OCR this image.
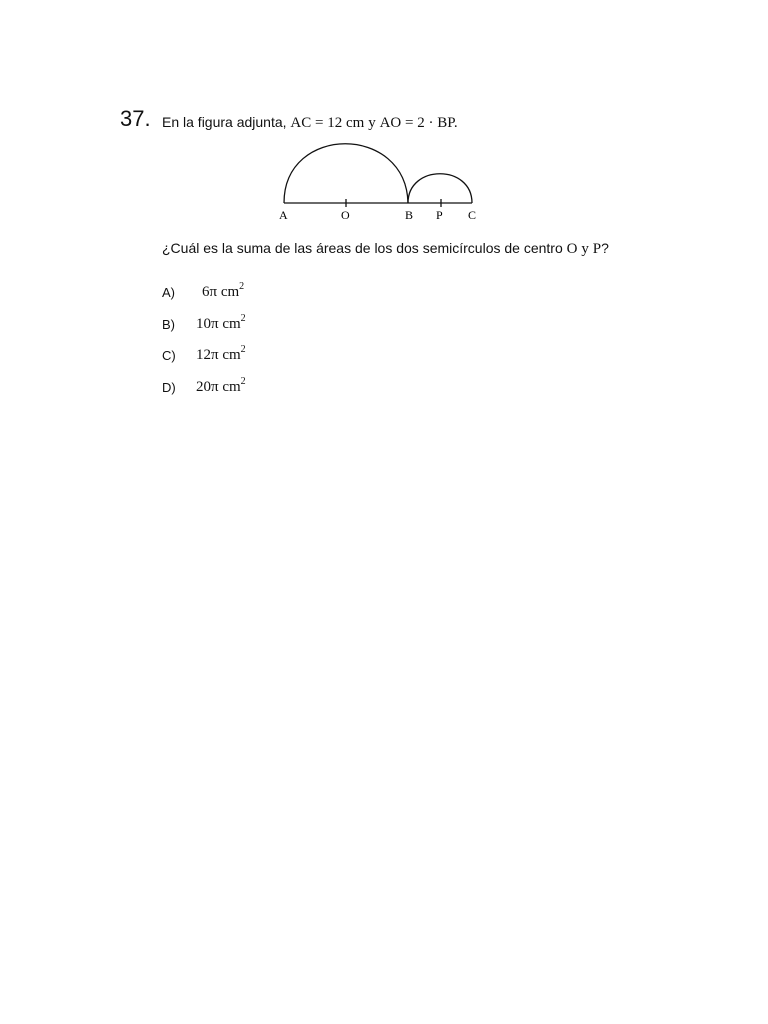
37. En la figura adjunta, AC = 12 cm y AO = 2 · BP.
A	O	B P C
¿Cuál es la suma de las áreas de los dos semicírculos de centro O y P?
A) 6π $cm^2$
B) 10π $cm^2$
C) 12π $cm^2$
D) 20π $cm^2$
